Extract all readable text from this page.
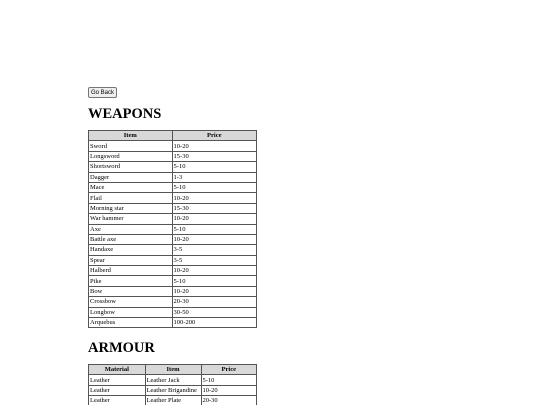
Go Back
WEAPONS
Item	Price
Sword	10-20
Longsword	15-30
Shortsword	5-10
Dagger	1-3
Mace	5-10
Flail	10-20
Morning star	15-30
War hammer	10-20
Axe	5-10
Battle axe	10-20
Handaxe	3-5
Spear	3-5
Halberd	10-20
Pike	5-10
Bow	10-20
Crossbow	20-30
Longbow	30-50
Arquebus	100-200
ARMOUR
Material	Item	Price
Leather	Leather Jack	5-10
Leather	Leather Brigandine	10-20
Leather	Leather Plate	20-30
